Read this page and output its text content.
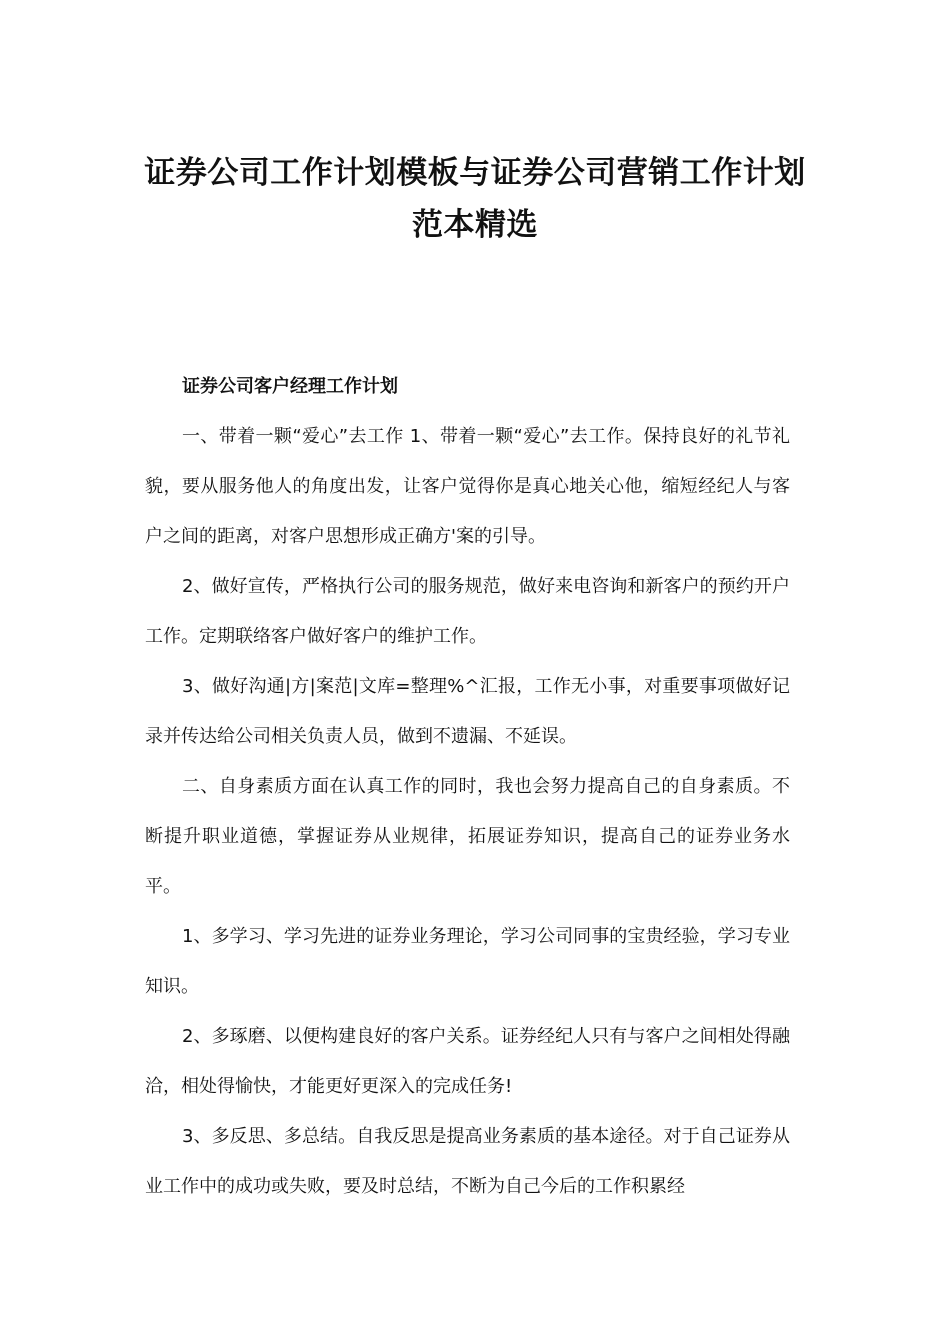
证券公司工作计划模板与证券公司营销工作计划范本精选

证券公司客户经理工作计划

一、带着一颗“爱心”去工作 1、带着一颗“爱心”去工作。保持良好的礼节礼貌，要从服务他人的角度出发，让客户觉得你是真心地关心他，缩短经纪人与客户之间的距离，对客户思想形成正确方'案的引导。

2、做好宣传，严格执行公司的服务规范，做好来电咨询和新客户的预约开户工作。定期联络客户做好客户的维护工作。

3、做好沟通|方|案范|文库=整理%^汇报，工作无小事，对重要事项做好记录并传达给公司相关负责人员，做到不遗漏、不延误。

二、自身素质方面在认真工作的同时，我也会努力提高自己的自身素质。不断提升职业道德，掌握证券从业规律，拓展证券知识，提高自己的证券业务水平。

1、多学习、学习先进的证券业务理论，学习公司同事的宝贵经验，学习专业知识。

2、多琢磨、以便构建良好的客户关系。证券经纪人只有与客户之间相处得融洽，相处得愉快，才能更好更深入的完成任务!

3、多反思、多总结。自我反思是提高业务素质的基本途径。对于自己证券从业工作中的成功或失败，要及时总结，不断为自己今后的工作积累经
